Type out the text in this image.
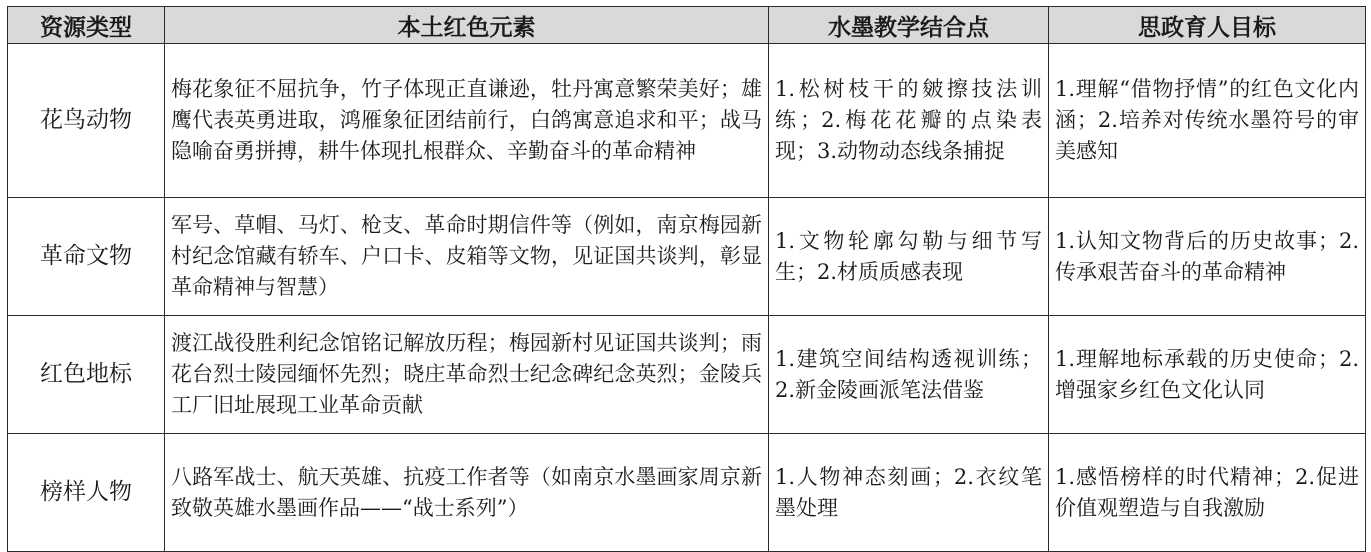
资源类型	本土红色元素	水墨教学结合点	思政育人目标
花鸟动物	梅花象征不屈抗争，竹子体现正直谦逊，牡丹寓意繁荣美好；雄鹰代表英勇进取，鸿雁象征团结前行，白鸽寓意追求和平；战马隐喻奋勇拼搏，耕牛体现扎根群众、辛勤奋斗的革命精神	1.松树枝干的皴擦技法训练；2.梅花花瓣的点染表现；3.动物动态线条捕捉	1.理解“借物抒情”的红色文化内涵；2.培养对传统水墨符号的审美感知
革命文物	军号、草帽、马灯、枪支、革命时期信件等（例如，南京梅园新村纪念馆藏有轿车、户口卡、皮箱等文物，见证国共谈判，彰显革命精神与智慧）	1.文物轮廓勾勒与细节写生；2.材质质感表现	1.认知文物背后的历史故事；2.传承艰苦奋斗的革命精神
红色地标	渡江战役胜利纪念馆铭记解放历程；梅园新村见证国共谈判；雨花台烈士陵园缅怀先烈；晓庄革命烈士纪念碑纪念英烈；金陵兵工厂旧址展现工业革命贡献	1.建筑空间结构透视训练；2.新金陵画派笔法借鉴	1.理解地标承载的历史使命；2.增强家乡红色文化认同
榜样人物	八路军战士、航天英雄、抗疫工作者等（如南京水墨画家周京新致敬英雄水墨画作品——“战士系列”）	1.人物神态刻画；2.衣纹笔墨处理	1.感悟榜样的时代精神；2.促进价值观塑造与自我激励
